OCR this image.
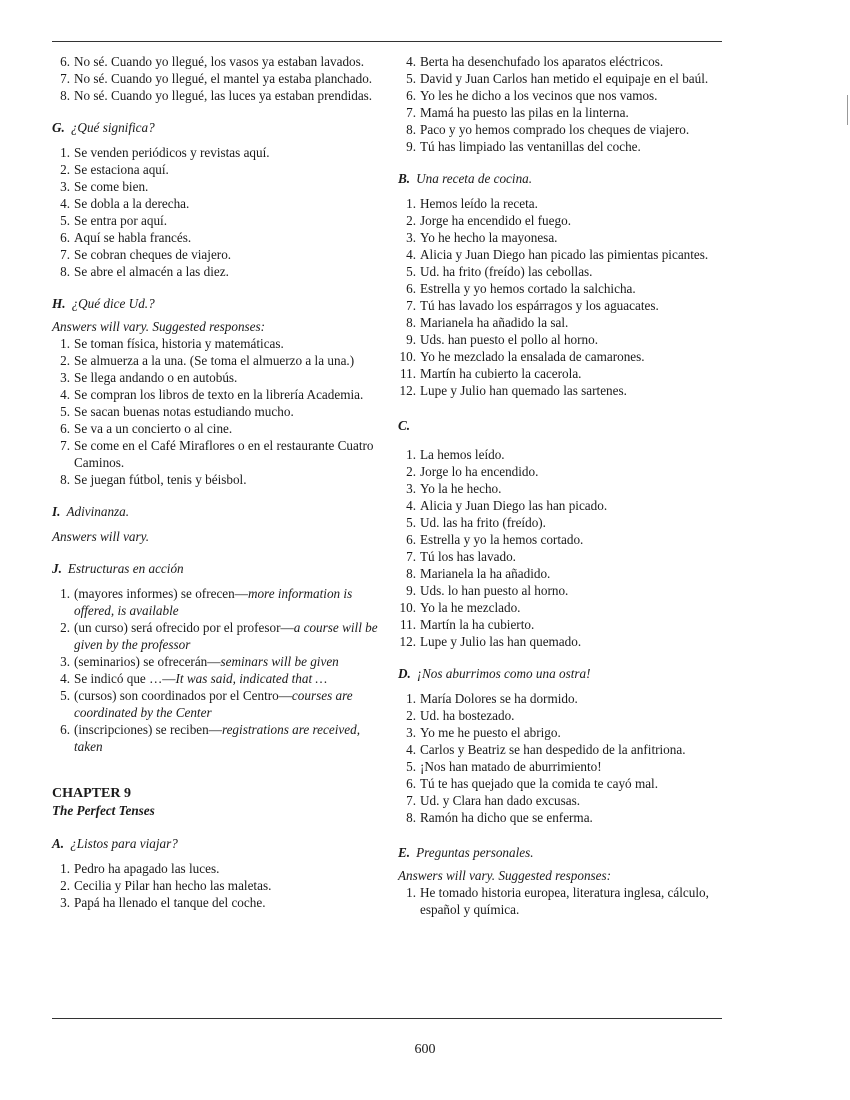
6. No sé. Cuando yo llegué, los vasos ya estaban lavados.
7. No sé. Cuando yo llegué, el mantel ya estaba planchado.
8. No sé. Cuando yo llegué, las luces ya estaban prendidas.
G. ¿Qué significa?
1. Se venden periódicos y revistas aquí.
2. Se estaciona aquí.
3. Se come bien.
4. Se dobla a la derecha.
5. Se entra por aquí.
6. Aquí se habla francés.
7. Se cobran cheques de viajero.
8. Se abre el almacén a las diez.
H. ¿Qué dice Ud.?
Answers will vary. Suggested responses:
1. Se toman física, historia y matemáticas.
2. Se almuerza a la una. (Se toma el almuerzo a la una.)
3. Se llega andando o en autobús.
4. Se compran los libros de texto en la librería Academia.
5. Se sacan buenas notas estudiando mucho.
6. Se va a un concierto o al cine.
7. Se come en el Café Miraflores o en el restaurante Cuatro Caminos.
8. Se juegan fútbol, tenis y béisbol.
I. Adivinanza.
Answers will vary.
J. Estructuras en acción
1. (mayores informes) se ofrecen—more information is offered, is available
2. (un curso) será ofrecido por el profesor—a course will be given by the professor
3. (seminarios) se ofrecerán—seminars will be given
4. Se indicó que …—It was said, indicated that …
5. (cursos) son coordinados por el Centro—courses are coordinated by the Center
6. (inscripciones) se reciben—registrations are received, taken
CHAPTER 9
The Perfect Tenses
A. ¿Listos para viajar?
1. Pedro ha apagado las luces.
2. Cecilia y Pilar han hecho las maletas.
3. Papá ha llenado el tanque del coche.
4. Berta ha desenchufado los aparatos eléctricos.
5. David y Juan Carlos han metido el equipaje en el baúl.
6. Yo les he dicho a los vecinos que nos vamos.
7. Mamá ha puesto las pilas en la linterna.
8. Paco y yo hemos comprado los cheques de viajero.
9. Tú has limpiado las ventanillas del coche.
B. Una receta de cocina.
1. Hemos leído la receta.
2. Jorge ha encendido el fuego.
3. Yo he hecho la mayonesa.
4. Alicia y Juan Diego han picado las pimientas picantes.
5. Ud. ha frito (freído) las cebollas.
6. Estrella y yo hemos cortado la salchicha.
7. Tú has lavado los espárragos y los aguacates.
8. Marianela ha añadido la sal.
9. Uds. han puesto el pollo al horno.
10. Yo he mezclado la ensalada de camarones.
11. Martín ha cubierto la cacerola.
12. Lupe y Julio han quemado las sartenes.
C.
1. La hemos leído.
2. Jorge lo ha encendido.
3. Yo la he hecho.
4. Alicia y Juan Diego las han picado.
5. Ud. las ha frito (freído).
6. Estrella y yo la hemos cortado.
7. Tú los has lavado.
8. Marianela la ha añadido.
9. Uds. lo han puesto al horno.
10. Yo la he mezclado.
11. Martín la ha cubierto.
12. Lupe y Julio las han quemado.
D. ¡Nos aburrimos como una ostra!
1. María Dolores se ha dormido.
2. Ud. ha bostezado.
3. Yo me he puesto el abrigo.
4. Carlos y Beatriz se han despedido de la anfitriona.
5. ¡Nos han matado de aburrimiento!
6. Tú te has quejado que la comida te cayó mal.
7. Ud. y Clara han dado excusas.
8. Ramón ha dicho que se enferma.
E. Preguntas personales.
Answers will vary. Suggested responses:
1. He tomado historia europea, literatura inglesa, cálculo, español y química.
600
